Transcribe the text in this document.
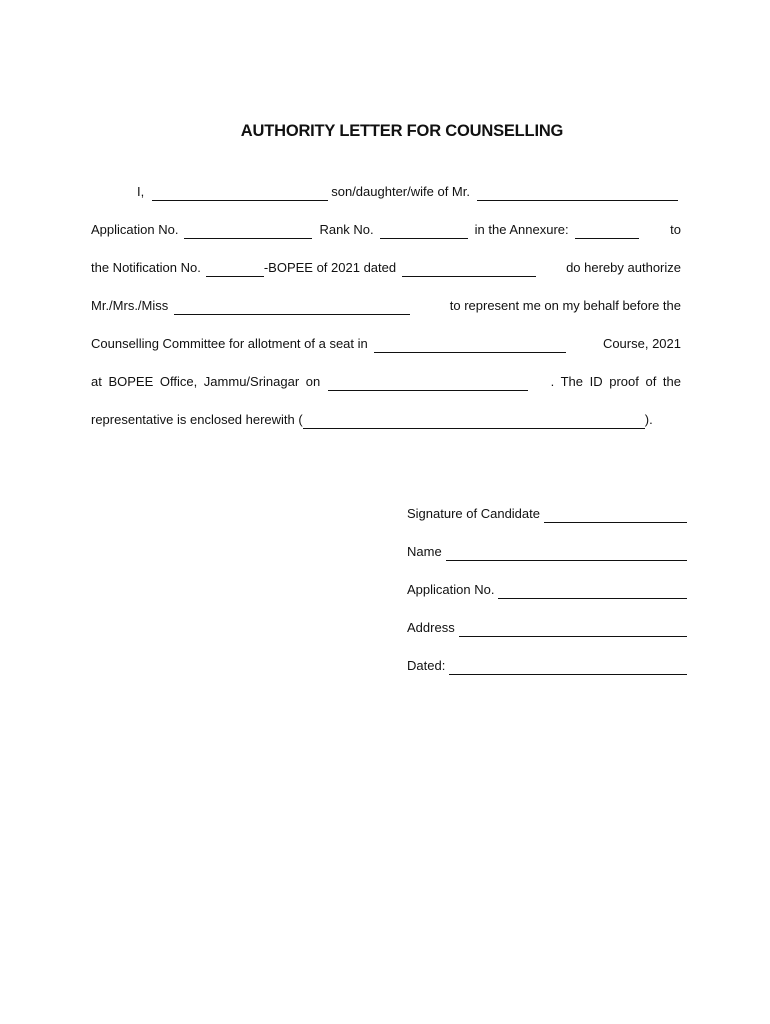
AUTHORITY LETTER FOR COUNSELLING
I,	son/daughter/wife of Mr.
Application No.	Rank No.	in the Annexure:	to
the Notification No.	-BOPEE of 2021 dated	do hereby authorize
Mr./Mrs./Miss	to represent me on my behalf before the
Counselling Committee for allotment of a seat in	Course, 2021
at BOPEE Office, Jammu/Srinagar on	. The ID proof of the
representative is enclosed herewith (	).
Signature of Candidate
Name
Application No.
Address
Dated:
